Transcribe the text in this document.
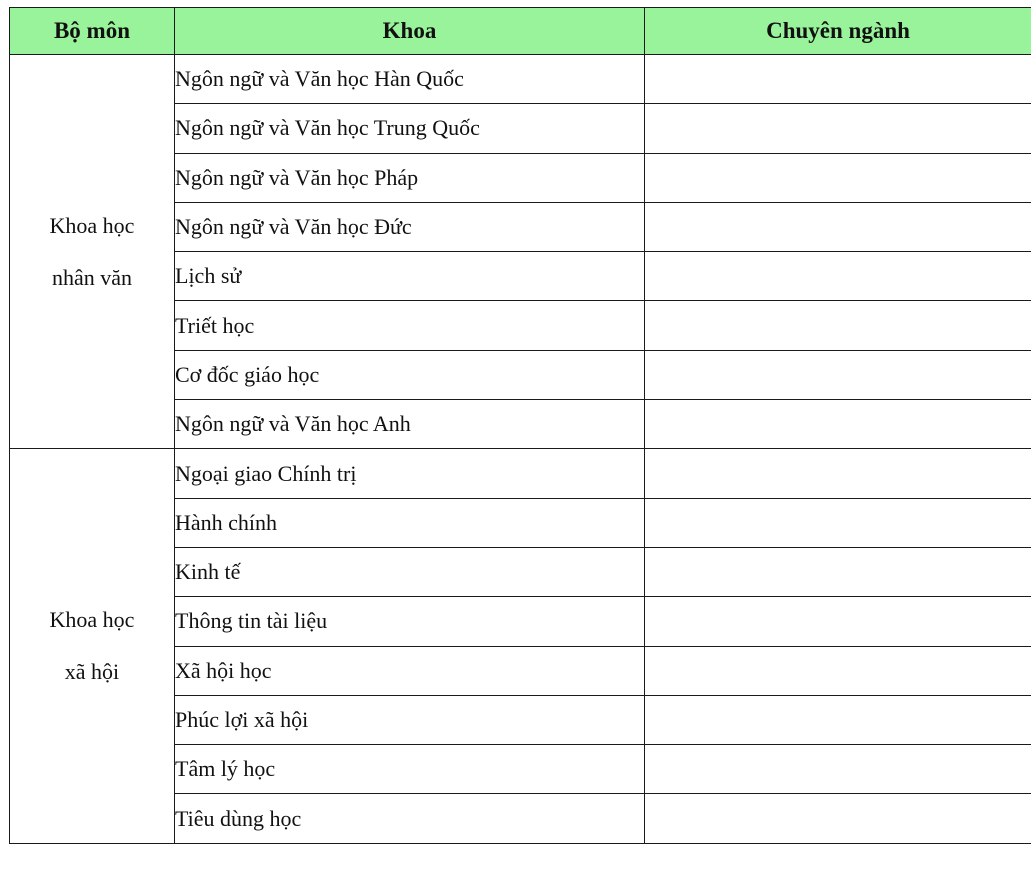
Bộ môn	Khoa	Chuyên ngành

Khoa học
nhân văn	Ngôn ngữ và Văn học Hàn Quốc	
	Ngôn ngữ và Văn học Trung Quốc	
	Ngôn ngữ và Văn học Pháp	
	Ngôn ngữ và Văn học Đức	
	Lịch sử	
	Triết học	
	Cơ đốc giáo học	
	Ngôn ngữ và Văn học Anh	

Khoa học
xã hội	Ngoại giao Chính trị	
	Hành chính	
	Kinh tế	
	Thông tin tài liệu	
	Xã hội học	
	Phúc lợi xã hội	
	Tâm lý học	
	Tiêu dùng học	
